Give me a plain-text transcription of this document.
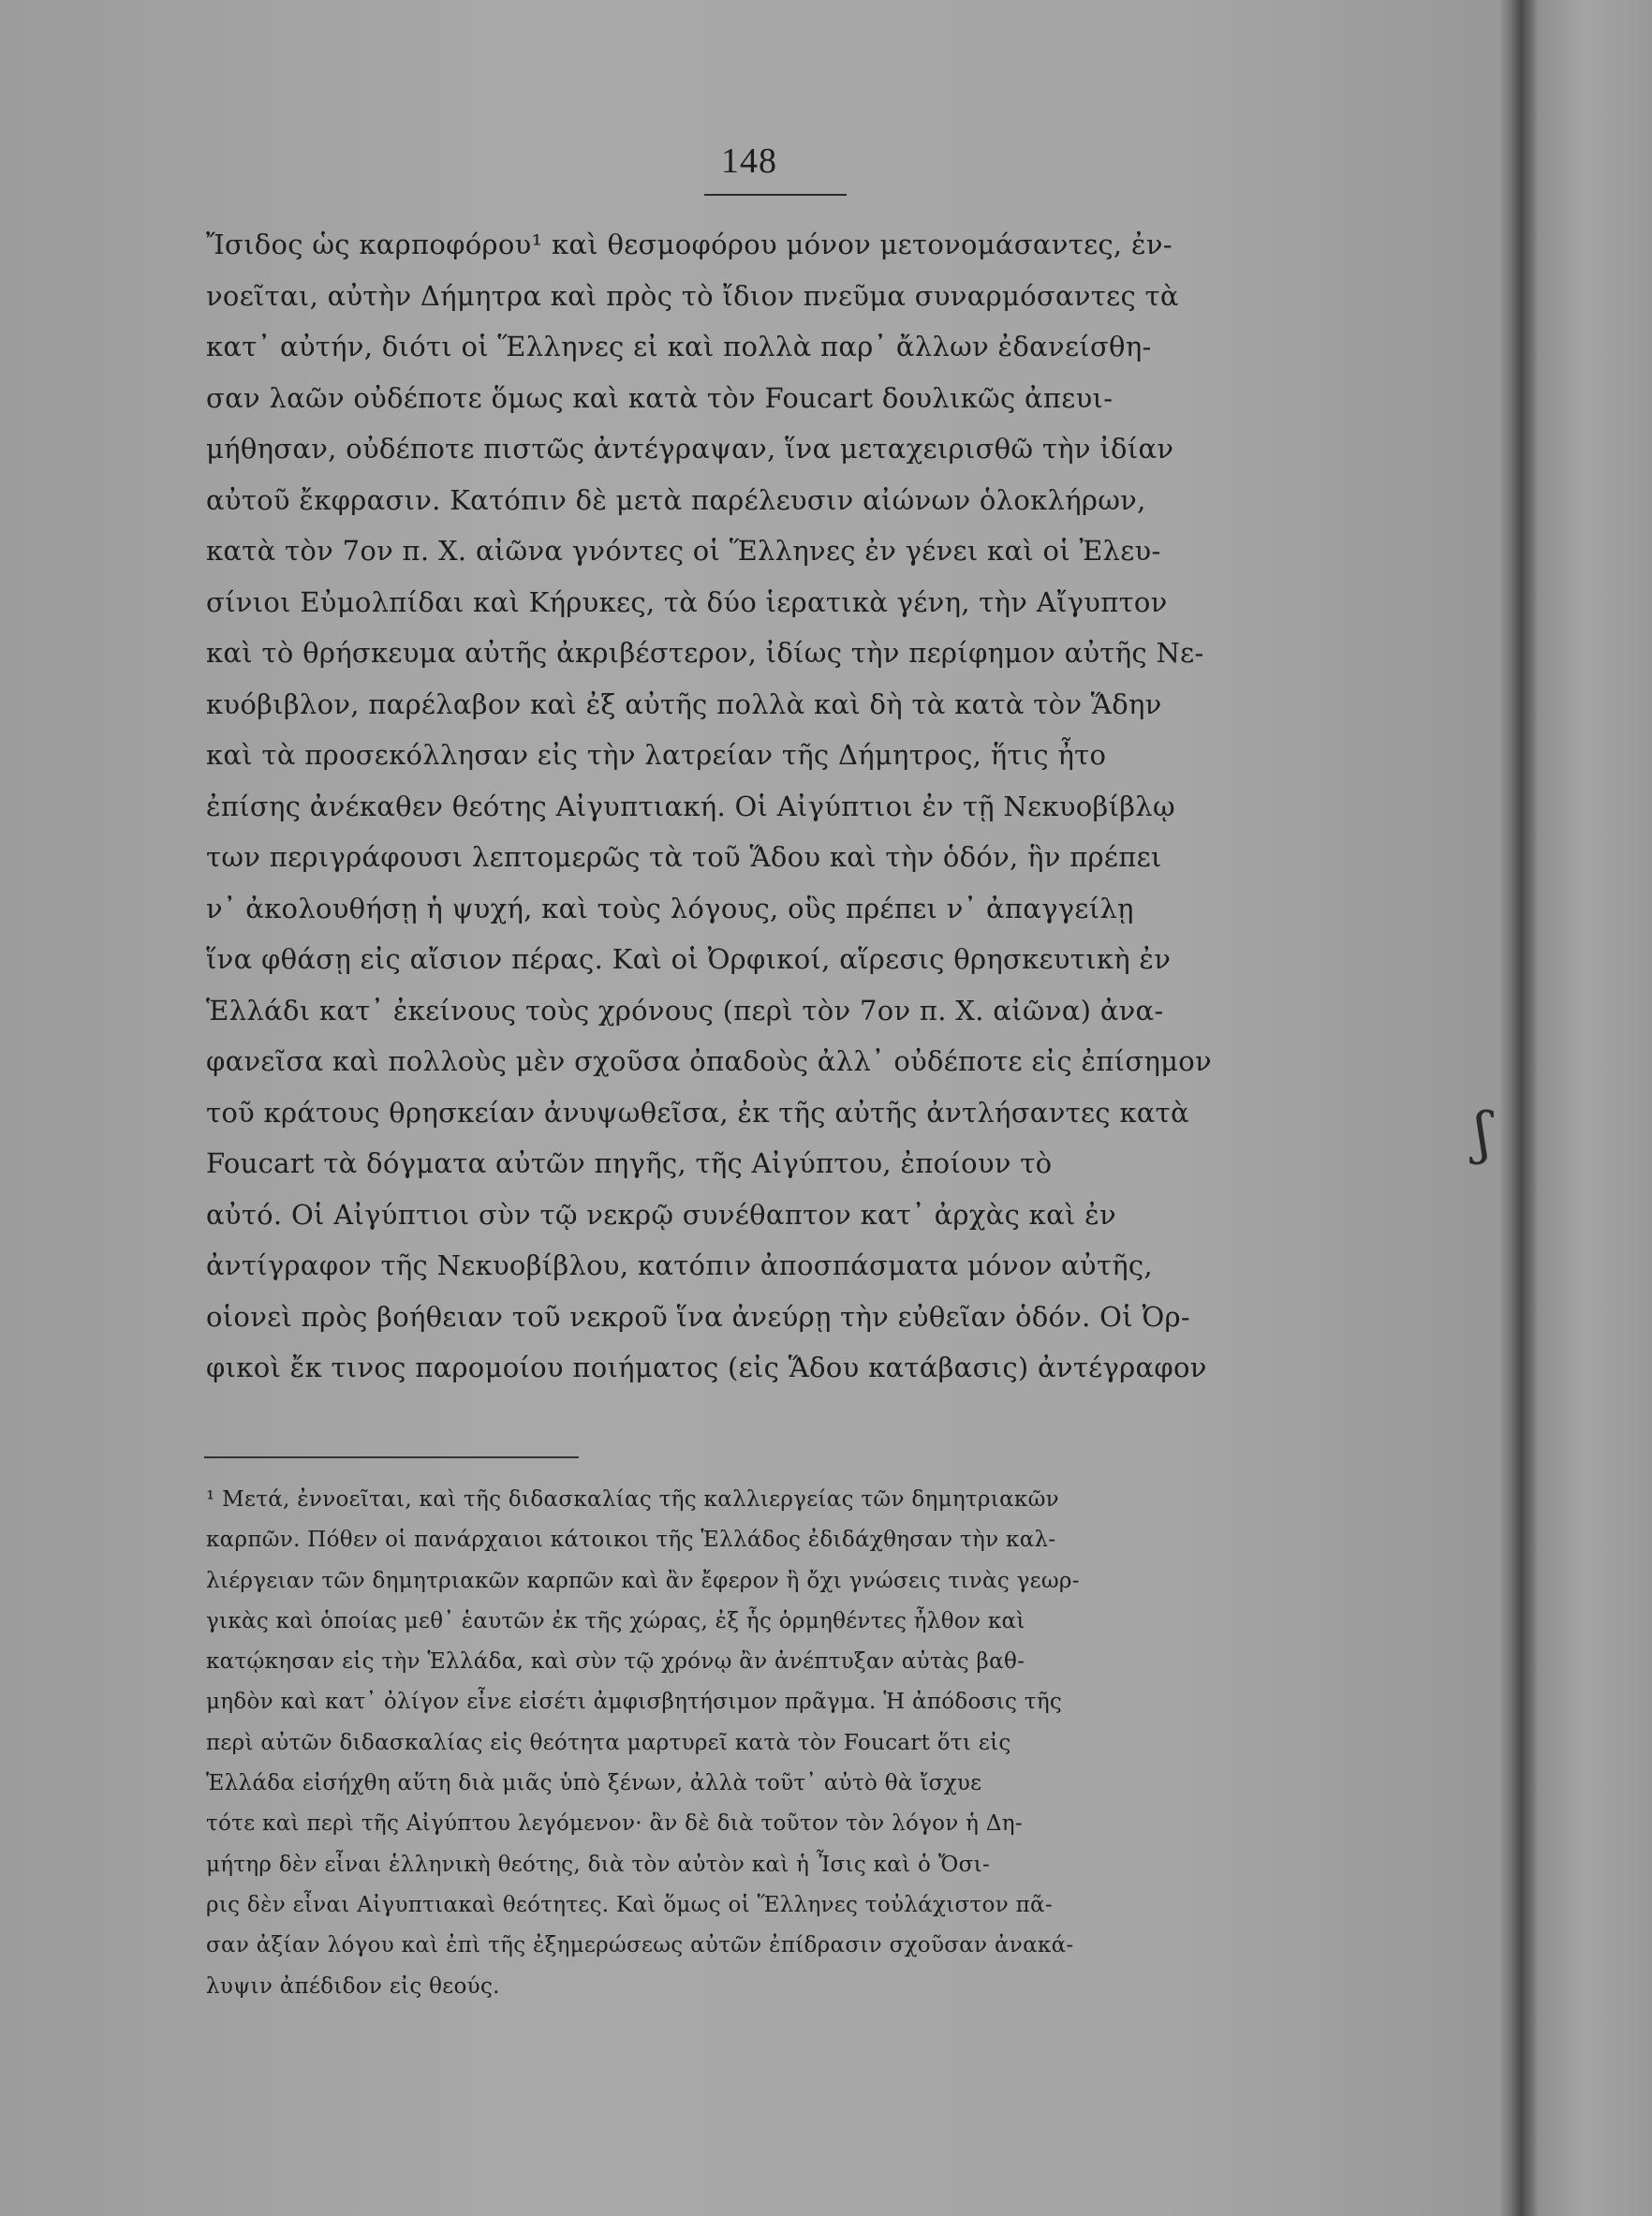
148
Ἴσιδος ὡς καρποφόρου¹ καὶ θεσμοφόρου μόνον μετονομάσαντες, ἐν-
νοεῖται, αὐτὴν Δήμητρα καὶ πρὸς τὸ ἴδιον πνεῦμα συναρμόσαντες τὰ
κατ᾽ αὐτήν, διότι οἱ Ἕλληνες εἰ καὶ πολλὰ παρ᾽ ἄλλων ἐδανείσθη-
σαν λαῶν οὐδέποτε ὅμως καὶ κατὰ τὸν Foucart δουλικῶς ἀπευι-
μήθησαν, οὐδέποτε πιστῶς ἀντέγραψαν, ἵνα μεταχειρισθῶ τὴν ἰδίαν
αὐτοῦ ἔκφρασιν. Κατόπιν δὲ μετὰ παρέλευσιν αἰώνων ὁλοκλήρων,
κατὰ τὸν 7ον π. Χ. αἰῶνα γνόντες οἱ Ἕλληνες ἐν γένει καὶ οἱ Ἐλευ-
σίνιοι Εὐμολπίδαι καὶ Κήρυκες, τὰ δύο ἱερατικὰ γένη, τὴν Αἴγυπτον
καὶ τὸ θρήσκευμα αὐτῆς ἀκριβέστερον, ἰδίως τὴν περίφημον αὐτῆς Νε-
κυόβιβλον, παρέλαβον καὶ ἐξ αὐτῆς πολλὰ καὶ δὴ τὰ κατὰ τὸν Ἅδην
καὶ τὰ προσεκόλλησαν εἰς τὴν λατρείαν τῆς Δήμητρος, ἥτις ἦτο
ἐπίσης ἀνέκαθεν θεότης Αἰγυπτιακή. Οἱ Αἰγύπτιοι ἐν τῇ Νεκυοβίβλῳ
των περιγράφουσι λεπτομερῶς τὰ τοῦ Ἅδου καὶ τὴν ὁδόν, ἣν πρέπει
ν᾽ ἀκολουθήσῃ ἡ ψυχή, καὶ τοὺς λόγους, οὓς πρέπει ν᾽ ἀπαγγείλῃ
ἵνα φθάσῃ εἰς αἴσιον πέρας. Καὶ οἱ Ὀρφικοί, αἵρεσις θρησκευτικὴ ἐν
Ἑλλάδι κατ᾽ ἐκείνους τοὺς χρόνους (περὶ τὸν 7ον π. Χ. αἰῶνα) ἀνα-
φανεῖσα καὶ πολλοὺς μὲν σχοῦσα ὀπαδοὺς ἀλλ᾽ οὐδέποτε εἰς ἐπίσημον
τοῦ κράτους θρησκείαν ἀνυψωθεῖσα, ἐκ τῆς αὐτῆς ἀντλήσαντες κατὰ
Foucart τὰ δόγματα αὐτῶν πηγῆς, τῆς Αἰγύπτου, ἐποίουν τὸ
αὐτό. Οἱ Αἰγύπτιοι σὺν τῷ νεκρῷ συνέθαπτον κατ᾽ ἀρχὰς καὶ ἐν
ἀντίγραφον τῆς Νεκυοβίβλου, κατόπιν ἀποσπάσματα μόνον αὐτῆς,
οἱονεὶ πρὸς βοήθειαν τοῦ νεκροῦ ἵνα ἀνεύρῃ τὴν εὐθεῖαν ὁδόν. Οἱ Ὀρ-
φικοὶ ἔκ τινος παρομοίου ποιήματος (εἰς Ἅδου κατάβασις) ἀντέγραφον
¹ Μετά, ἐννοεῖται, καὶ τῆς διδασκαλίας τῆς καλλιεργείας τῶν δημητριακῶν
καρπῶν. Πόθεν οἱ πανάρχαιοι κάτοικοι τῆς Ἑλλάδος ἐδιδάχθησαν τὴν καλ-
λιέργειαν τῶν δημητριακῶν καρπῶν καὶ ἂν ἔφερον ἢ ὄχι γνώσεις τινὰς γεωρ-
γικὰς καὶ ὁποίας μεθ᾽ ἑαυτῶν ἐκ τῆς χώρας, ἐξ ἧς ὁρμηθέντες ἦλθον καὶ
κατῴκησαν εἰς τὴν Ἑλλάδα, καὶ σὺν τῷ χρόνῳ ἂν ἀνέπτυξαν αὐτὰς βαθ-
μηδὸν καὶ κατ᾽ ὀλίγον εἶνε εἰσέτι ἀμφισβητήσιμον πρᾶγμα. Ἡ ἀπόδοσις τῆς
περὶ αὐτῶν διδασκαλίας εἰς θεότητα μαρτυρεῖ κατὰ τὸν Foucart ὅτι εἰς
Ἑλλάδα εἰσήχθη αὕτη διὰ μιᾶς ὑπὸ ξένων, ἀλλὰ τοῦτ᾽ αὐτὸ θὰ ἴσχυε
τότε καὶ περὶ τῆς Αἰγύπτου λεγόμενον· ἂν δὲ διὰ τοῦτον τὸν λόγον ἡ Δη-
μήτηρ δὲν εἶναι ἑλληνικὴ θεότης, διὰ τὸν αὐτὸν καὶ ἡ Ἶσις καὶ ὁ Ὄσι-
ρις δὲν εἶναι Αἰγυπτιακαὶ θεότητες. Καὶ ὅμως οἱ Ἕλληνες τοὐλάχιστον πᾶ-
σαν ἀξίαν λόγου καὶ ἐπὶ τῆς ἐξημερώσεως αὐτῶν ἐπίδρασιν σχοῦσαν ἀνακά-
λυψιν ἀπέδιδον εἰς θεούς.
ʃ
